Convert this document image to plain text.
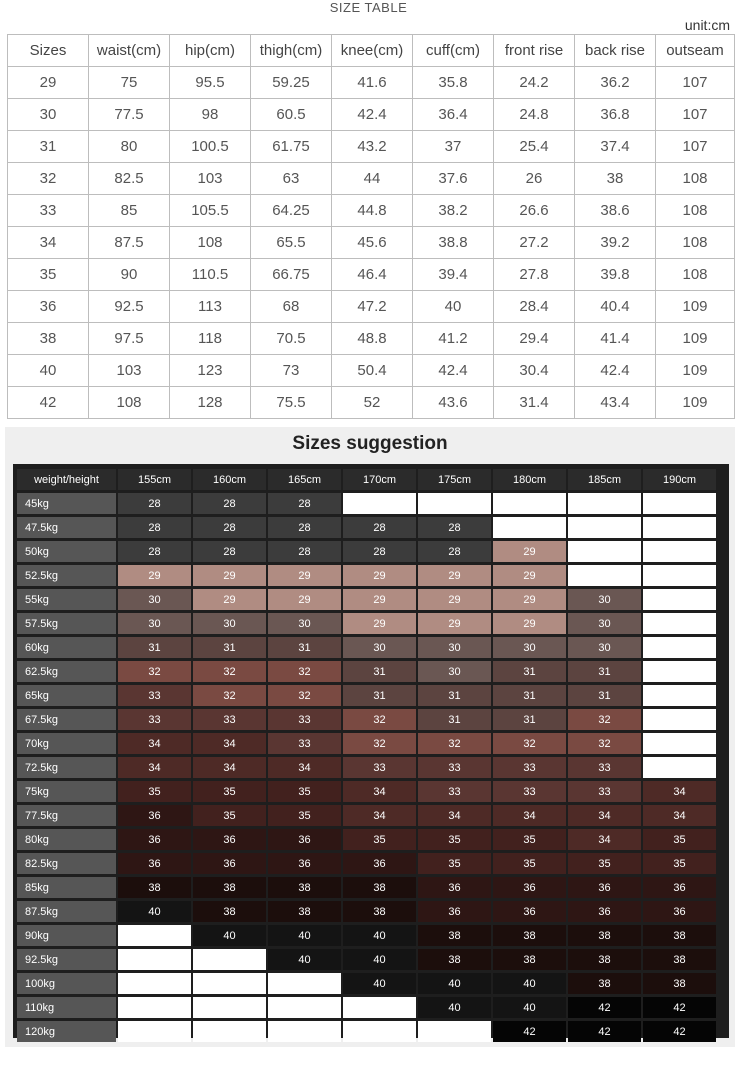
SIZE TABLE
unit:cm
Sizes	waist(cm)	hip(cm)	thigh(cm)	knee(cm)	cuff(cm)	front rise	back rise	outseam
29	75	95.5	59.25	41.6	35.8	24.2	36.2	107
30	77.5	98	60.5	42.4	36.4	24.8	36.8	107
31	80	100.5	61.75	43.2	37	25.4	37.4	107
32	82.5	103	63	44	37.6	26	38	108
33	85	105.5	64.25	44.8	38.2	26.6	38.6	108
34	87.5	108	65.5	45.6	38.8	27.2	39.2	108
35	90	110.5	66.75	46.4	39.4	27.8	39.8	108
36	92.5	113	68	47.2	40	28.4	40.4	109
38	97.5	118	70.5	48.8	41.2	29.4	41.4	109
40	103	123	73	50.4	42.4	30.4	42.4	109
42	108	128	75.5	52	43.6	31.4	43.4	109
Sizes suggestion
weight/height	155cm	160cm	165cm	170cm	175cm	180cm	185cm	190cm
45kg	28	28	28					
47.5kg	28	28	28	28	28			
50kg	28	28	28	28	28	29		
52.5kg	29	29	29	29	29	29		
55kg	30	29	29	29	29	29	30	
57.5kg	30	30	30	29	29	29	30	
60kg	31	31	31	30	30	30	30	
62.5kg	32	32	32	31	30	31	31	
65kg	33	32	32	31	31	31	31	
67.5kg	33	33	33	32	31	31	32	
70kg	34	34	33	32	32	32	32	
72.5kg	34	34	34	33	33	33	33	
75kg	35	35	35	34	33	33	33	34
77.5kg	36	35	35	34	34	34	34	34
80kg	36	36	36	35	35	35	34	35
82.5kg	36	36	36	36	35	35	35	35
85kg	38	38	38	38	36	36	36	36
87.5kg	40	38	38	38	36	36	36	36
90kg		40	40	40	38	38	38	38
92.5kg			40	40	38	38	38	38
100kg				40	40	40	38	38
110kg					40	40	42	42
120kg						42	42	42
